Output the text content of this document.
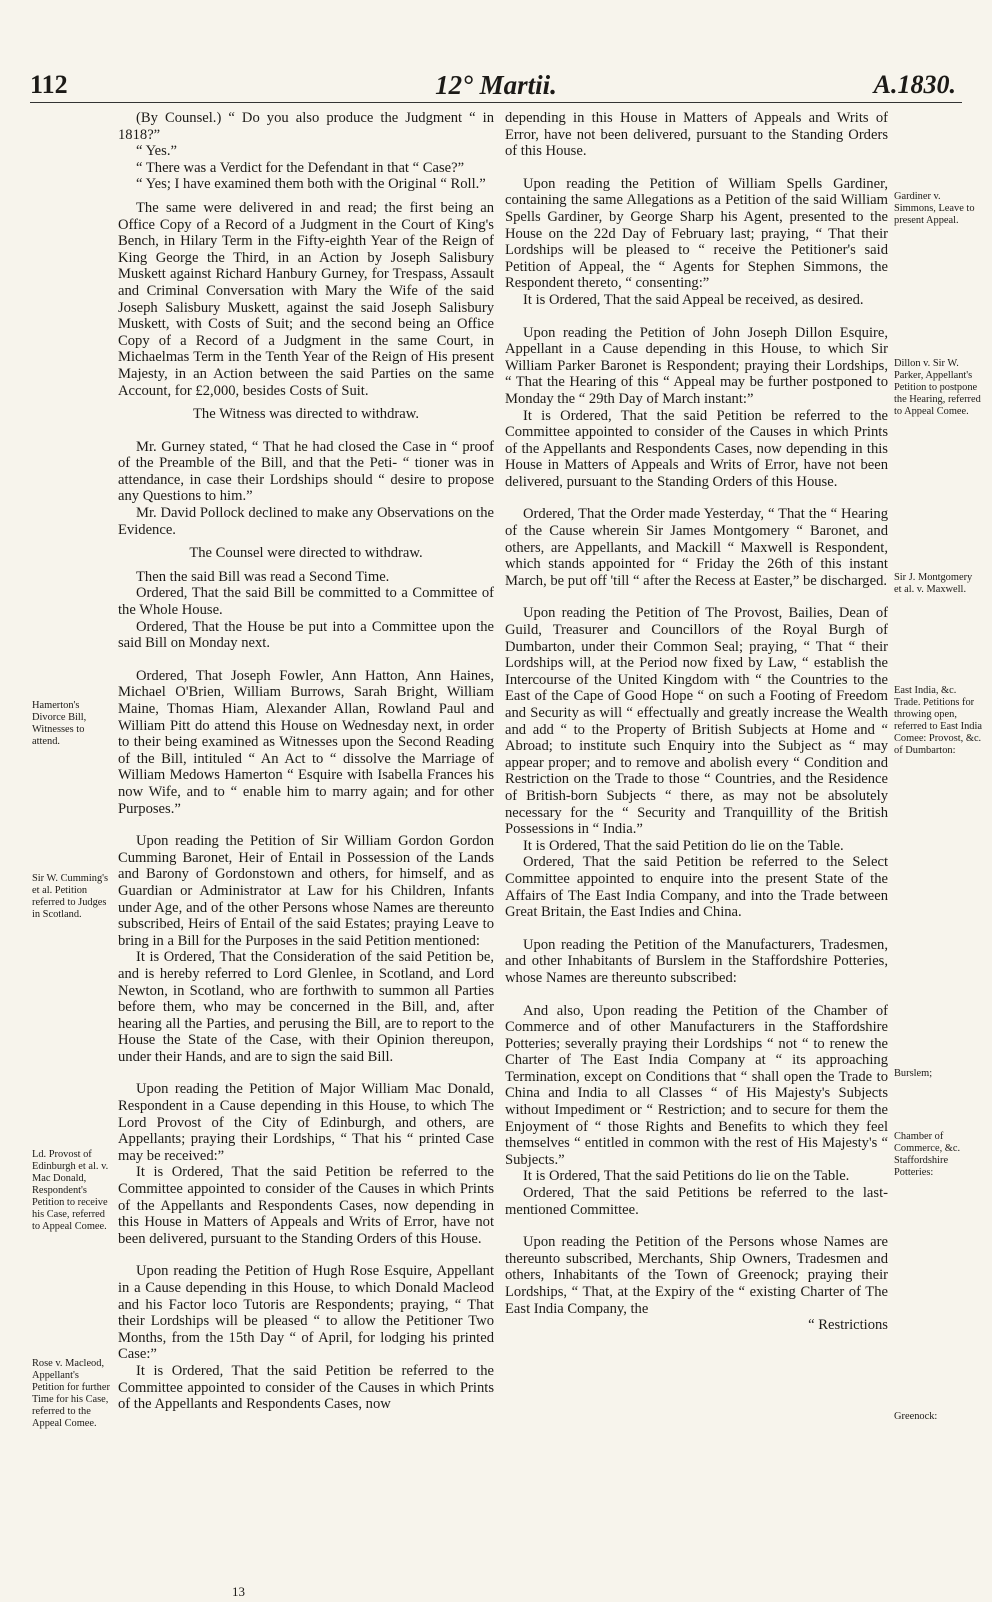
112	12° Martii.	A.1830.

(By Counsel.) “ Do you also produce the Judgment “ in 1818?”

“ Yes.”

“ There was a Verdict for the Defendant in that “ Case?”

“ Yes; I have examined them both with the Original “ Roll.”

The same were delivered in and read; the first being an Office Copy of a Record of a Judgment in the Court of King's Bench, in Hilary Term in the Fifty-eighth Year of the Reign of King George the Third, in an Action by Joseph Salisbury Muskett against Richard Hanbury Gurney, for Trespass, Assault and Criminal Conversation with Mary the Wife of the said Joseph Salisbury Muskett, against the said Joseph Salisbury Muskett, with Costs of Suit; and the second being an Office Copy of a Record of a Judgment in the same Court, in Michaelmas Term in the Tenth Year of the Reign of His present Majesty, in an Action between the said Parties on the same Account, for £2,000, besides Costs of Suit.

The Witness was directed to withdraw.

Mr. Gurney stated, “ That he had closed the Case in “ proof of the Preamble of the Bill, and that the Peti- “ tioner was in attendance, in case their Lordships should “ desire to propose any Questions to him.”

Mr. David Pollock declined to make any Observations on the Evidence.

The Counsel were directed to withdraw.

Then the said Bill was read a Second Time.

Ordered, That the said Bill be committed to a Committee of the Whole House.

Ordered, That the House be put into a Committee upon the said Bill on Monday next.

Ordered, That Joseph Fowler, Ann Hatton, Ann Haines, Michael O'Brien, William Burrows, Sarah Bright, William Maine, Thomas Hiam, Alexander Allan, Rowland Paul and William Pitt do attend this House on Wednesday next, in order to their being examined as Witnesses upon the Second Reading of the Bill, intituled “ An Act to “ dissolve the Marriage of William Medows Hamerton “ Esquire with Isabella Frances his now Wife, and to “ enable him to marry again; and for other Purposes.”

Upon reading the Petition of Sir William Gordon Gordon Cumming Baronet, Heir of Entail in Possession of the Lands and Barony of Gordonstown and others, for himself, and as Guardian or Administrator at Law for his Children, Infants under Age, and of the other Persons whose Names are thereunto subscribed, Heirs of Entail of the said Estates; praying Leave to bring in a Bill for the Purposes in the said Petition mentioned:

It is Ordered, That the Consideration of the said Petition be, and is hereby referred to Lord Glenlee, in Scotland, and Lord Newton, in Scotland, who are forthwith to summon all Parties before them, who may be concerned in the Bill, and, after hearing all the Parties, and perusing the Bill, are to report to the House the State of the Case, with their Opinion thereupon, under their Hands, and are to sign the said Bill.

Upon reading the Petition of Major William Mac Donald, Respondent in a Cause depending in this House, to which The Lord Provost of the City of Edinburgh, and others, are Appellants; praying their Lordships, “ That his “ printed Case may be received:”

It is Ordered, That the said Petition be referred to the Committee appointed to consider of the Causes in which Prints of the Appellants and Respondents Cases, now depending in this House in Matters of Appeals and Writs of Error, have not been delivered, pursuant to the Standing Orders of this House.

Upon reading the Petition of Hugh Rose Esquire, Appellant in a Cause depending in this House, to which Donald Macleod and his Factor loco Tutoris are Respondents; praying, “ That their Lordships will be pleased “ to allow the Petitioner Two Months, from the 15th Day “ of April, for lodging his printed Case:”

It is Ordered, That the said Petition be referred to the Committee appointed to consider of the Causes in which Prints of the Appellants and Respondents Cases, now

depending in this House in Matters of Appeals and Writs of Error, have not been delivered, pursuant to the Standing Orders of this House.

Upon reading the Petition of William Spells Gardiner, containing the same Allegations as a Petition of the said William Spells Gardiner, by George Sharp his Agent, presented to the House on the 22d Day of February last; praying, “ That their Lordships will be pleased to “ receive the Petitioner's said Petition of Appeal, the “ Agents for Stephen Simmons, the Respondent thereto, “ consenting:”

It is Ordered, That the said Appeal be received, as desired.

Upon reading the Petition of John Joseph Dillon Esquire, Appellant in a Cause depending in this House, to which Sir William Parker Baronet is Respondent; praying their Lordships, “ That the Hearing of this “ Appeal may be further postponed to Monday the “ 29th Day of March instant:”

It is Ordered, That the said Petition be referred to the Committee appointed to consider of the Causes in which Prints of the Appellants and Respondents Cases, now depending in this House in Matters of Appeals and Writs of Error, have not been delivered, pursuant to the Standing Orders of this House.

Ordered, That the Order made Yesterday, “ That the “ Hearing of the Cause wherein Sir James Montgomery “ Baronet, and others, are Appellants, and Mackill “ Maxwell is Respondent, which stands appointed for “ Friday the 26th of this instant March, be put off 'till “ after the Recess at Easter,” be discharged.

Upon reading the Petition of The Provost, Bailies, Dean of Guild, Treasurer and Councillors of the Royal Burgh of Dumbarton, under their Common Seal; praying, “ That “ their Lordships will, at the Period now fixed by Law, “ establish the Intercourse of the United Kingdom with “ the Countries to the East of the Cape of Good Hope “ on such a Footing of Freedom and Security as will “ effectually and greatly increase the Wealth and add “ to the Property of British Subjects at Home and “ Abroad; to institute such Enquiry into the Subject as “ may appear proper; and to remove and abolish every “ Condition and Restriction on the Trade to those “ Countries, and the Residence of British-born Subjects “ there, as may not be absolutely necessary for the “ Security and Tranquillity of the British Possessions in “ India.”

It is Ordered, That the said Petition do lie on the Table.

Ordered, That the said Petition be referred to the Select Committee appointed to enquire into the present State of the Affairs of The East India Company, and into the Trade between Great Britain, the East Indies and China.

Upon reading the Petition of the Manufacturers, Tradesmen, and other Inhabitants of Burslem in the Staffordshire Potteries, whose Names are thereunto subscribed:

And also, Upon reading the Petition of the Chamber of Commerce and of other Manufacturers in the Staffordshire Potteries; severally praying their Lordships “ not “ to renew the Charter of The East India Company at “ its approaching Termination, except on Conditions that “ shall open the Trade to China and India to all Classes “ of His Majesty's Subjects without Impediment or “ Restriction; and to secure for them the Enjoyment of “ those Rights and Benefits to which they feel themselves “ entitled in common with the rest of His Majesty's “ Subjects.”

It is Ordered, That the said Petitions do lie on the Table.

Ordered, That the said Petitions be referred to the last-mentioned Committee.

Upon reading the Petition of the Persons whose Names are thereunto subscribed, Merchants, Ship Owners, Tradesmen and others, Inhabitants of the Town of Greenock; praying their Lordships, “ That, at the Expiry of the “ existing Charter of The East India Company, the

“ Restrictions

Hamerton's Divorce Bill, Witnesses to attend.
Sir W. Cumming's et al. Petition referred to Judges in Scotland.
Ld. Provost of Edinburgh et al. v. Mac Donald, Respondent's Petition to receive his Case, referred to Appeal Comee.
Rose v. Macleod, Appellant's Petition for further Time for his Case, referred to the Appeal Comee.
Gardiner v. Simmons, Leave to present Appeal.
Dillon v. Sir W. Parker, Appellant's Petition to postpone the Hearing, referred to Appeal Comee.
Sir J. Montgomery et al. v. Maxwell.
East India, &c. Trade. Petitions for throwing open, referred to East India Comee: Provost, &c. of Dumbarton:
Burslem;
Chamber of Commerce, &c. Staffordshire Potteries:
Greenock:
13
